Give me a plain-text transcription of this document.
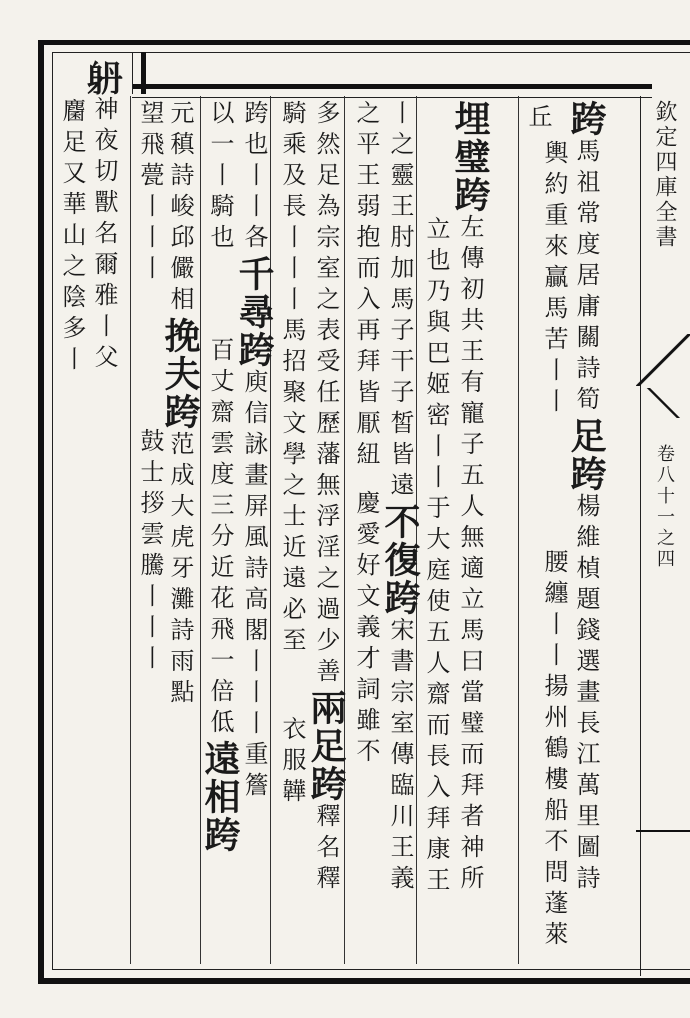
欽定四庫全書
卷八十一之四
跨馬祖常度居庸關詩筍足跨楊維楨題錢選畫長江萬里圖詩
輿約重來贏馬苦丨丨腰纏丨丨揚州鶴樓船不問蓬萊
丘
埋璧跨左傳初共王有寵子五人無適立馬曰當璧而拜者神所
立也乃與巴姬密丨丨于大庭使五人齋而長入拜康王
丨之靈王肘加馬子干子皙皆遠不復跨宋書宗室傳臨川王義
之平王弱抱而入再拜皆厭紐慶愛好文義才詞雖不
多然足為宗室之表受任歷藩無浮淫之過少善兩足跨釋名釋
騎乘及長丨丨丨馬招聚文學之士近遠必至衣服韡
跨也丨丨各千尋跨庾信詠畫屏風詩高閣丨丨丨重簷
以一丨騎也百丈齋雲度三分近花飛一倍低遠相跨
元稹詩峻邱儼相挽夫跨范成大虎牙灘詩雨點
望飛甍丨丨丨鼓士拶雲騰丨丨丨
𨈝神夜切獸名爾雅丨父
麕足又華山之陰多丨
